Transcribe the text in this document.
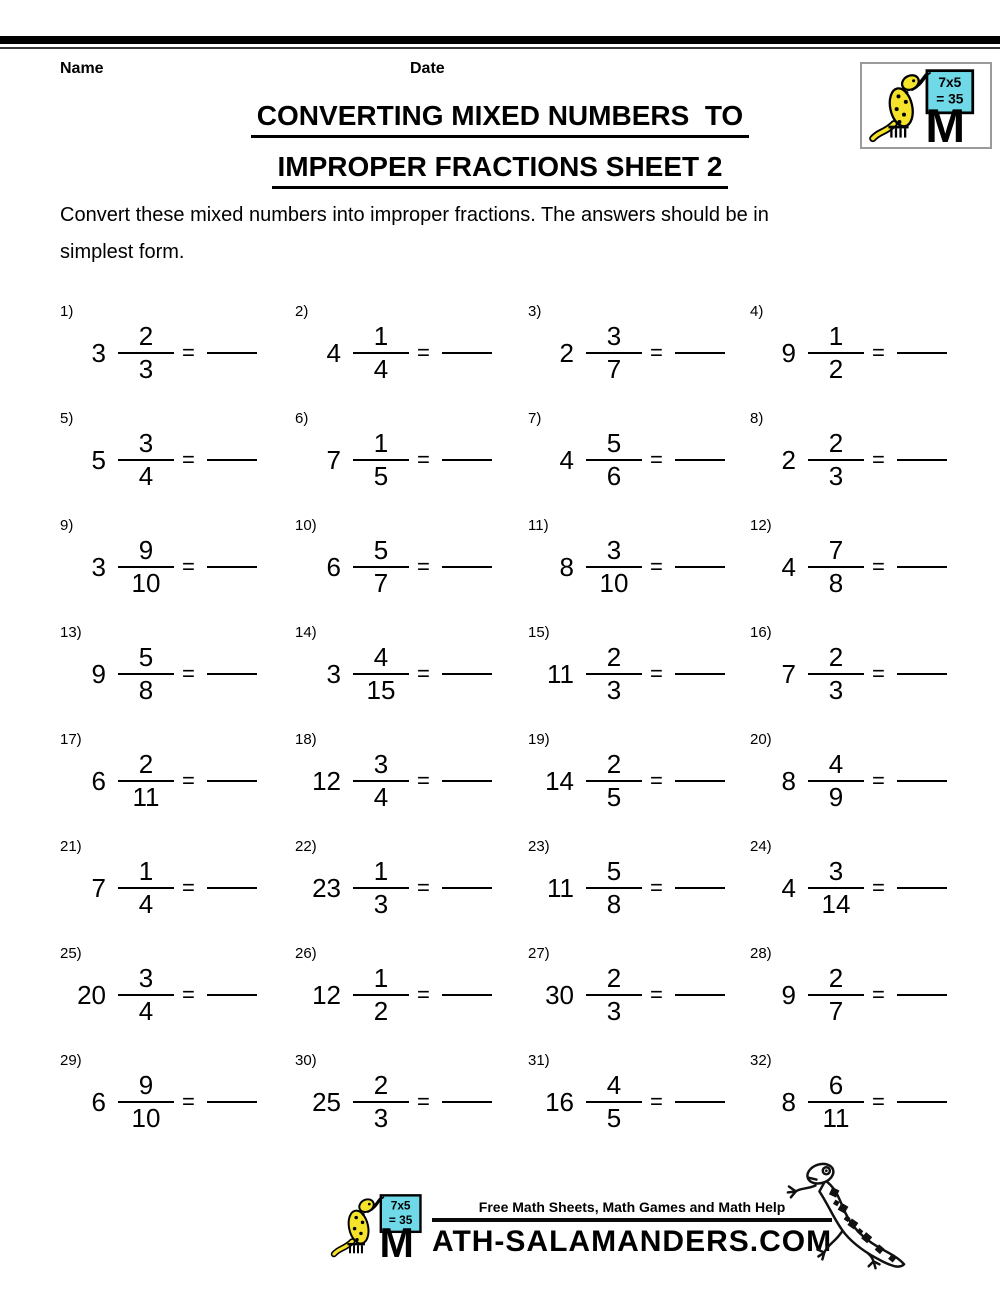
Name	Date
CONVERTING MIXED NUMBERS  TO
IMPROPER FRACTIONS SHEET 2
Convert these mixed numbers into improper fractions. The answers should be in
simplest form.
1)
$3 \frac{2}{3}$ =
2)
$4 \frac{1}{4}$ =
3)
$2 \frac{3}{7}$ =
4)
$9 \frac{1}{2}$ =
5)
$5 \frac{3}{4}$ =
6)
$7 \frac{1}{5}$ =
7)
$4 \frac{5}{6}$ =
8)
$2 \frac{2}{3}$ =
9)
$3 \frac{9}{10}$ =
10)
$6 \frac{5}{7}$ =
11)
$8 \frac{3}{10}$ =
12)
$4 \frac{7}{8}$ =
13)
$9 \frac{5}{8}$ =
14)
$3 \frac{4}{15}$ =
15)
$11 \frac{2}{3}$ =
16)
$7 \frac{2}{3}$ =
17)
$6 \frac{2}{11}$ =
18)
$12 \frac{3}{4}$ =
19)
$14 \frac{2}{5}$ =
20)
$8 \frac{4}{9}$ =
21)
$7 \frac{1}{4}$ =
22)
$23 \frac{1}{3}$ =
23)
$11 \frac{5}{8}$ =
24)
$4 \frac{3}{14}$ =
25)
$20 \frac{3}{4}$ =
26)
$12 \frac{1}{2}$ =
27)
$30 \frac{2}{3}$ =
28)
$9 \frac{2}{7}$ =
29)
$6 \frac{9}{10}$ =
30)
$25 \frac{2}{3}$ =
31)
$16 \frac{4}{5}$ =
32)
$8 \frac{6}{11}$ =
Free Math Sheets, Math Games and Math Help
ATH-SALAMANDERS.COM
